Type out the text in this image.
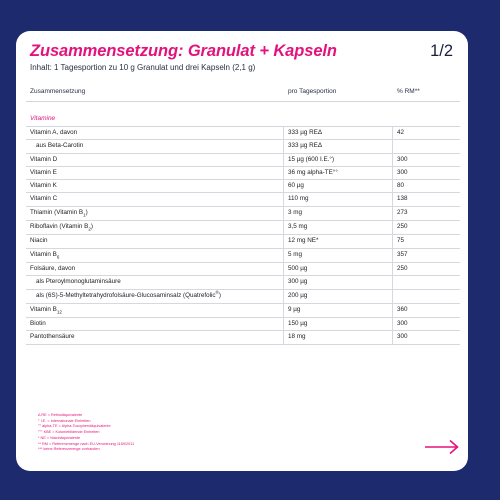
Zusammensetzung: Granulat + Kapseln	1/2
Inhalt: 1 Tagesportion zu 10 g Granulat und drei Kapseln (2,1 g)
Zusammensetzung	pro Tagesportion	% RM**
Vitamine
Vitamin A, davon	333 µg REΔ	42
aus Beta-Carotin	333 µg REΔ
Vitamin D	15 µg (600 I.E.°)	300
Vitamin E	36 mg alpha-TE°°	300
Vitamin K	60 µg	80
Vitamin C	110 mg	138
Thiamin (Vitamin $B_1$)	3 mg	273
Riboflavin (Vitamin $B_2$)	3,5 mg	250
Niacin	12 mg NE*	75
Vitamin $B_6$	5 mg	357
Folsäure, davon	500 µg	250
als Pteroylmonoglutaminsäure	300 µg
als (6S)-5-Methyltetrahydrofolsäure-Glucosaminsalz (Quatrefolic®)	200 µg
Vitamin $B_{12}$	9 µg	360
Biotin	150 µg	300
Pantothensäure	18 mg	300
Δ RE = Retinoläquivalente
° I.E. = Internationale Einheiten
°° alpha-TE = Alpha-Tocopheroläquivalente
°°° KBE = Koloniebildende Einheiten
* NE = Niacinäquivalente
** RM = Referenzmenge nach EU-Verordnung 1169/2011
*** keine Referenzmenge vorhanden
